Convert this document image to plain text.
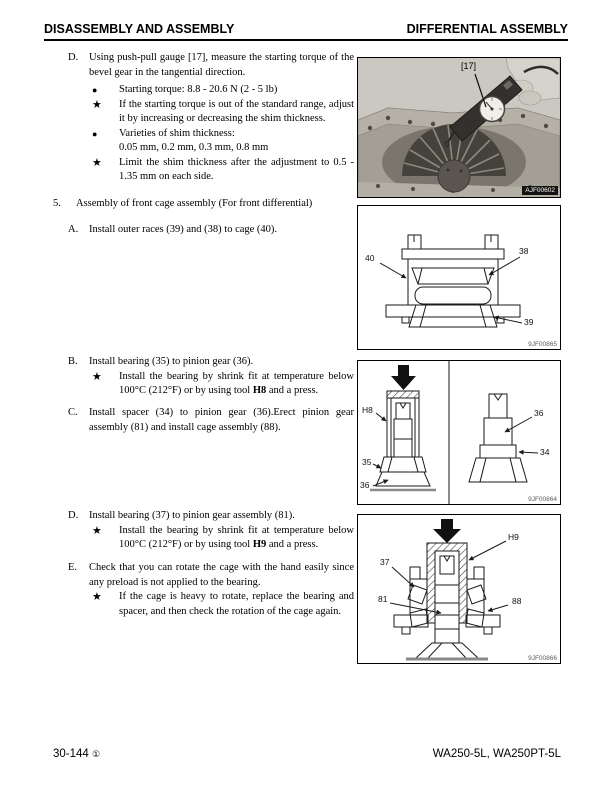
DISASSEMBLY AND ASSEMBLY	DIFFERENTIAL ASSEMBLY
D.	Using push-pull gauge [17], measure the starting torque of the bevel gear in the tangential direction.
●	Starting torque: 8.8 - 20.6 N (2 - 5 lb)
★	If the starting torque is out of the standard range, adjust it by increasing or decreasing the shim thickness.
●	Varieties of shim thickness:
0.05 mm, 0.2 mm, 0.3 mm, 0.8 mm
★	Limit the shim thickness after the adjustment to 0.5 - 1.35 mm on each side.
5.	Assembly of front cage assembly (For front differential)
A.	Install outer races (39) and (38) to cage (40).
B.	Install bearing (35) to pinion gear (36).
★	Install the bearing by shrink fit at temperature below 100°C (212°F) or by using tool H8 and a press.
C.	Install spacer (34) to pinion gear (36).Erect pinion gear assembly (81) and install cage assembly (88).
D.	Install bearing (37) to pinion gear assembly (81).
★	Install the bearing by shrink fit at temperature below 100°C (212°F) or by using tool H9 and a press.
E.	Check that you can rotate the cage with the hand easily since any preload is not applied to the bearing.
★	If the cage is heavy to rotate, replace the bearing and spacer, and then check the rotation of the cage again.
[17]
AJF00602
40
38
39
9JF00865
H8
35
36
36
34
9JF00864
H9
37
81	88
9JF00866
30-144 ①	WA250-5L, WA250PT-5L
